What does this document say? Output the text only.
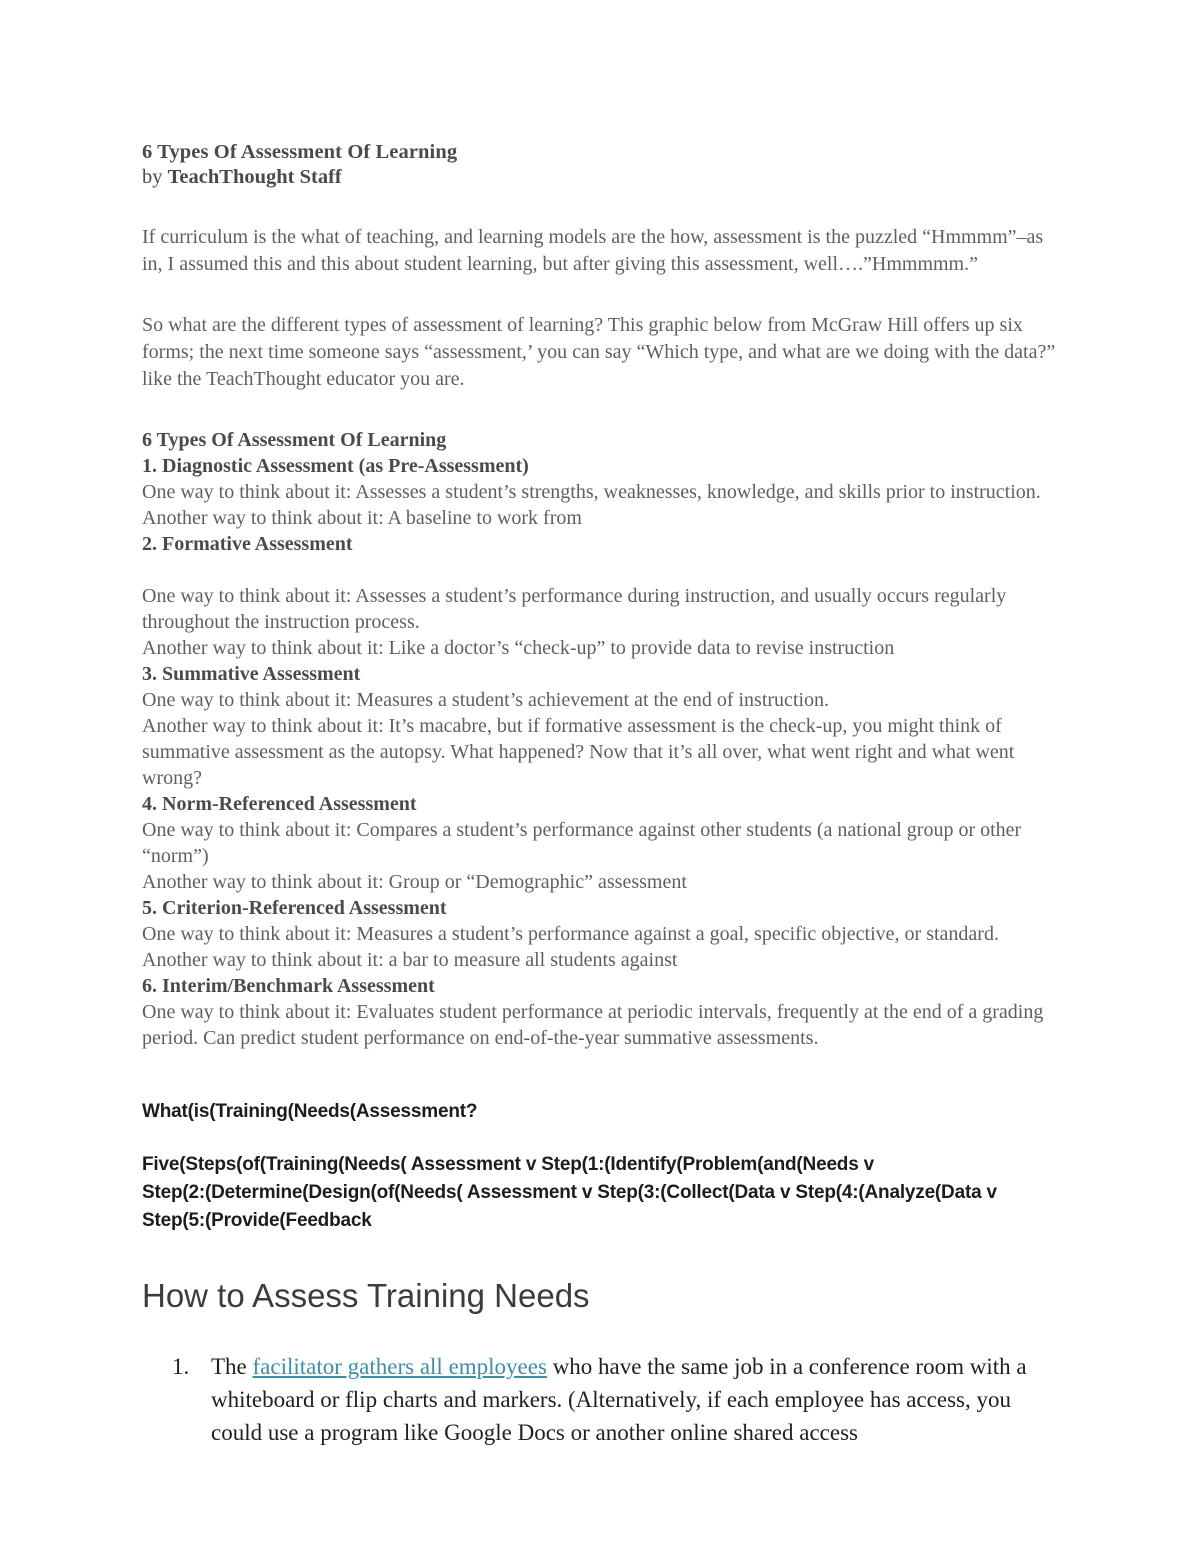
6 Types Of Assessment Of Learning
by TeachThought Staff

If curriculum is the what of teaching, and learning models are the how, assessment is the puzzled “Hmmmm”–as in, I assumed this and this about student learning, but after giving this assessment, well….”Hmmmmm.”

So what are the different types of assessment of learning? This graphic below from McGraw Hill offers up six forms; the next time someone says “assessment,’ you can say “Which type, and what are we doing with the data?” like the TeachThought educator you are.

6 Types Of Assessment Of Learning
1. Diagnostic Assessment (as Pre-Assessment)

One way to think about it: Assesses a student’s strengths, weaknesses, knowledge, and skills prior to instruction.

Another way to think about it: A baseline to work from

2. Formative Assessment

One way to think about it: Assesses a student’s performance during instruction, and usually occurs regularly throughout the instruction process.

Another way to think about it: Like a doctor’s “check-up” to provide data to revise instruction

3. Summative Assessment

One way to think about it: Measures a student’s achievement at the end of instruction.

Another way to think about it: It’s macabre, but if formative assessment is the check-up, you might think of summative assessment as the autopsy. What happened? Now that it’s all over, what went right and what went wrong?

4. Norm-Referenced Assessment

One way to think about it: Compares a student’s performance against other students (a national group or other “norm”)

Another way to think about it: Group or “Demographic” assessment

5. Criterion-Referenced Assessment

One way to think about it: Measures a student’s performance against a goal, specific objective, or standard.

Another way to think about it: a bar to measure all students against

6. Interim/Benchmark Assessment

One way to think about it: Evaluates student performance at periodic intervals, frequently at the end of a grading period. Can predict student performance on end-of-the-year summative assessments.

What(is(Training(Needs(Assessment?
Five(Steps(of(Training(Needs( Assessment ᴠ Step(1:(Identify(Problem(and(Needs ᴠ
Step(2:(Determine(Design(of(Needs( Assessment ᴠ Step(3:(Collect(Data ᴠ Step(4:(Analyze(Data ᴠ
Step(5:(Provide(Feedback
How to Assess Training Needs
1. The facilitator gathers all employees who have the same job in a conference room with a whiteboard or flip charts and markers. (Alternatively, if each employee has access, you could use a program like Google Docs or another online shared access
